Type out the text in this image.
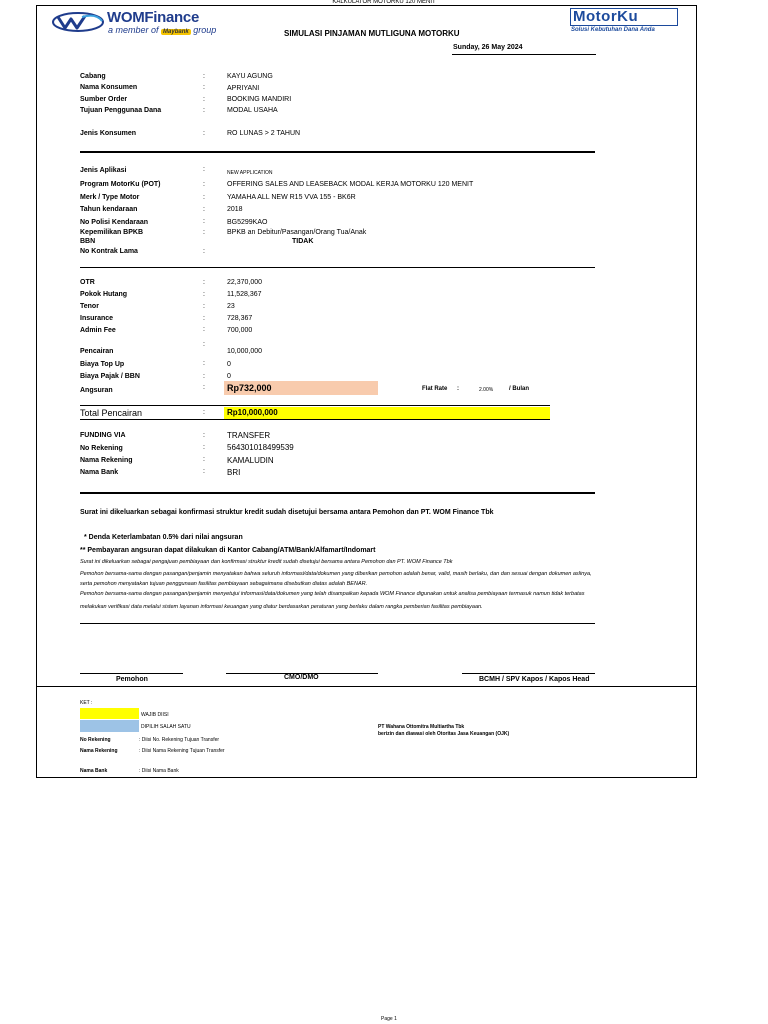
KALKULATOR MOTORKU 120 MENIT
WOMFinance
a member of Maybank group
MotorKu
Solusi Kebutuhan Dana Anda
SIMULASI PINJAMAN MUTLIGUNA MOTORKU
Sunday, 26 May 2024
Cabang	:	KAYU AGUNG
Nama Konsumen	:	APRIYANI
Sumber Order	:	BOOKING MANDIRI
Tujuan Penggunaa Dana	:	MODAL USAHA
Jenis Konsumen	:	RO LUNAS > 2 TAHUN
Jenis Aplikasi	:	NEW APPLICATION
Program MotorKu (POT)	:	OFFERING SALES AND LEASEBACK MODAL KERJA MOTORKU 120 MENIT
Merk / Type Motor	:	YAMAHA ALL NEW R15 VVA 155 - BK6R
Tahun kendaraan	:	2018
No Polisi Kendaraan	:	BG5299KAO
Kepemilikan BPKB	:	BPKB an Debitur/Pasangan/Orang Tua/Anak
BBN	TIDAK
No Kontrak Lama	:
OTR	:	22,370,000
Pokok Hutang	:	11,528,367
Tenor	:	23
Insurance	:	728,367
Admin Fee	:	700,000
:
Pencairan	10,000,000
Biaya Top Up	:	0
Biaya Pajak / BBN	:	0
Angsuran	: Rp732,000	Flat Rate :	2.00%	/ Bulan
Total Pencairan	:	Rp10,000,000
FUNDING VIA	:	TRANSFER
No Rekening	:	564301018499539
Nama Rekening	:	KAMALUDIN
Nama Bank	:	BRI
Surat ini dikeluarkan sebagai konfirmasi struktur kredit sudah disetujui bersama antara Pemohon dan PT. WOM Finance Tbk
* Denda Keterlambatan 0.5% dari nilai angsuran
** Pembayaran angsuran dapat dilakukan di Kantor Cabang/ATM/Bank/Alfamart/Indomart
Surat ini dikeluarkan sebagai pengajuan pembiayaan dan konfirmasi struktur kredit sudah disetujui bersama antara Pemohon dan PT. WOM Finance Tbk
Pemohon bersama-sama dengan pasangan/penjamin menyatakan bahwa seluruh informasi/data/dokumen yang diberikan pemohon adalah benar, valid, masih berlaku, dan dan sesuai dengan dokumen aslinya,
serta pemohon menyatakan tujuan penggunaan fasilitas pembiayaan sebagaimana disebutkan diatas adalah BENAR.
Pemohon bersama-sama dengan pasangan/penjamin menyetujui informasi/data/dokumen yang telah disampaikan kepada WOM Finance digunakan untuk analisa pembiayaan termasuk namun tidak terbatas
melakukan verifikasi data melalui sistem layanan informasi keuangan yang diatur berdasarkan peraturan yang berlaku dalam rangka pemberian fasilitas pembiayaan.
Pemohon	CMO/DMO	BCMH / SPV Kapos / Kapos Head
KET :
WAJIB DIISI
DIPILIH SALAH SATU	PT Wahana Ottomitra Multiartha Tbk
berizin dan diawasi oleh Otoritas Jasa Keuangan (OJK)
No Rekening	: Diisi No. Rekening Tujuan Transfer
Nama Rekening	: Diisi Nama Rekening Tujuan Transfer
Nama Bank	: Diisi Nama Bank
Page 1
